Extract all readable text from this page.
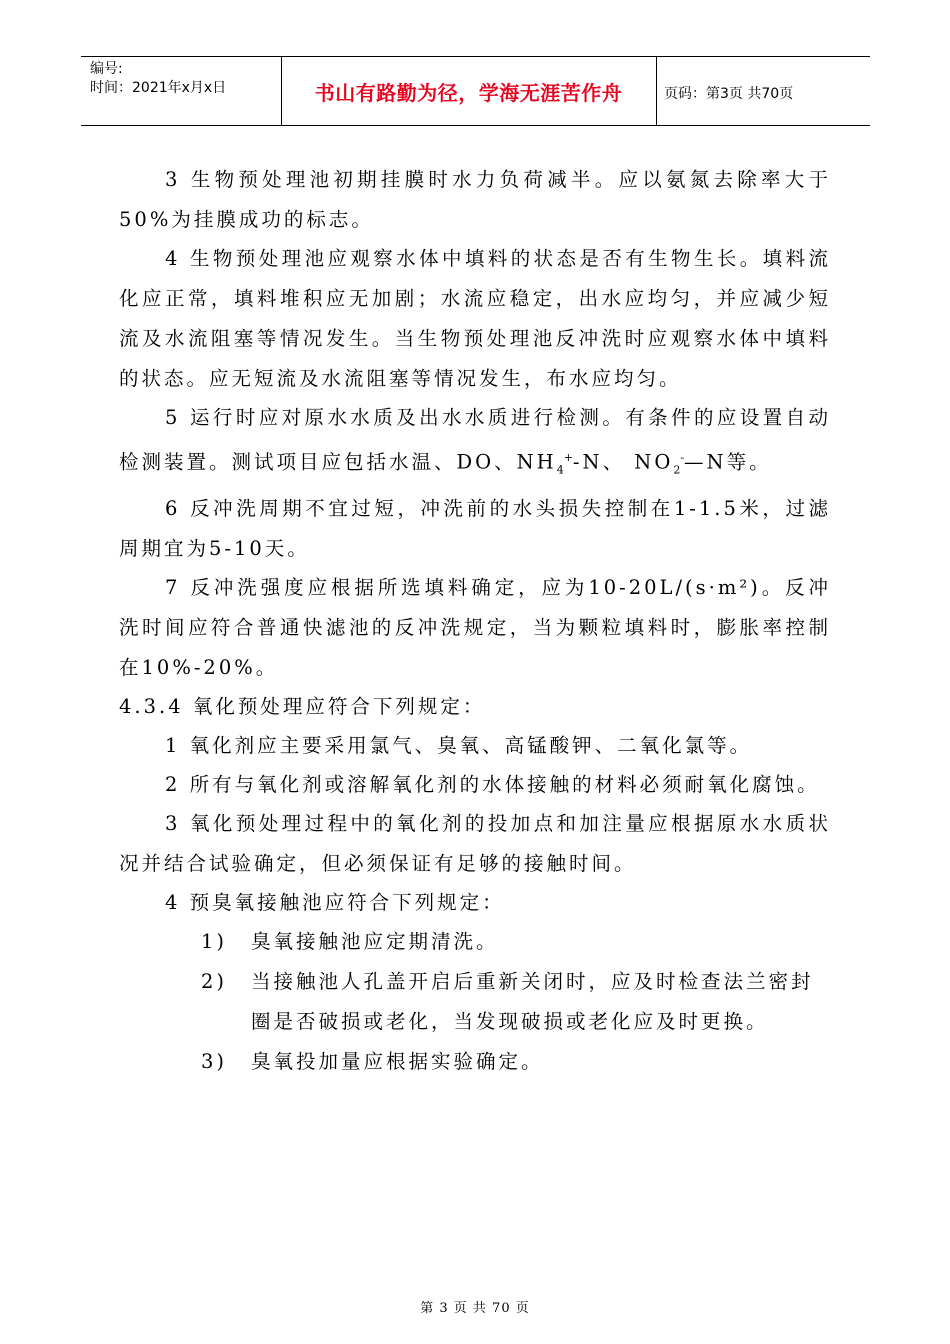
编号:
时间：2021年x月x日	书山有路勤为径，学海无涯苦作舟	页码：第3页 共70页

3 生物预处理池初期挂膜时水力负荷减半。应以氨氮去除率大于50%为挂膜成功的标志。

4 生物预处理池应观察水体中填料的状态是否有生物生长。填料流化应正常，填料堆积应无加剧；水流应稳定，出水应均匀，并应减少短流及水流阻塞等情况发生。当生物预处理池反冲洗时应观察水体中填料的状态。应无短流及水流阻塞等情况发生，布水应均匀。

5 运行时应对原水水质及出水水质进行检测。有条件的应设置自动检测装置。测试项目应包括水温、DO、$NH_4^+-N$、 $NO_2^-—N$等。

6 反冲洗周期不宜过短，冲洗前的水头损失控制在1-1.5米，过滤周期宜为5-10天。

7 反冲洗强度应根据所选填料确定，应为10-20L/(s·m²)。反冲洗时间应符合普通快滤池的反冲洗规定，当为颗粒填料时，膨胀率控制在10%-20%。

4.3.4 氧化预处理应符合下列规定：

1 氧化剂应主要采用氯气、臭氧、高锰酸钾、二氧化氯等。

2 所有与氧化剂或溶解氧化剂的水体接触的材料必须耐氧化腐蚀。

3 氧化预处理过程中的氧化剂的投加点和加注量应根据原水水质状况并结合试验确定，但必须保证有足够的接触时间。

4 预臭氧接触池应符合下列规定：

1)	臭氧接触池应定期清洗。
2)	当接触池人孔盖开启后重新关闭时，应及时检查法兰密封圈是否破损或老化，当发现破损或老化应及时更换。
3)	臭氧投加量应根据实验确定。
第 3 页 共 70 页
